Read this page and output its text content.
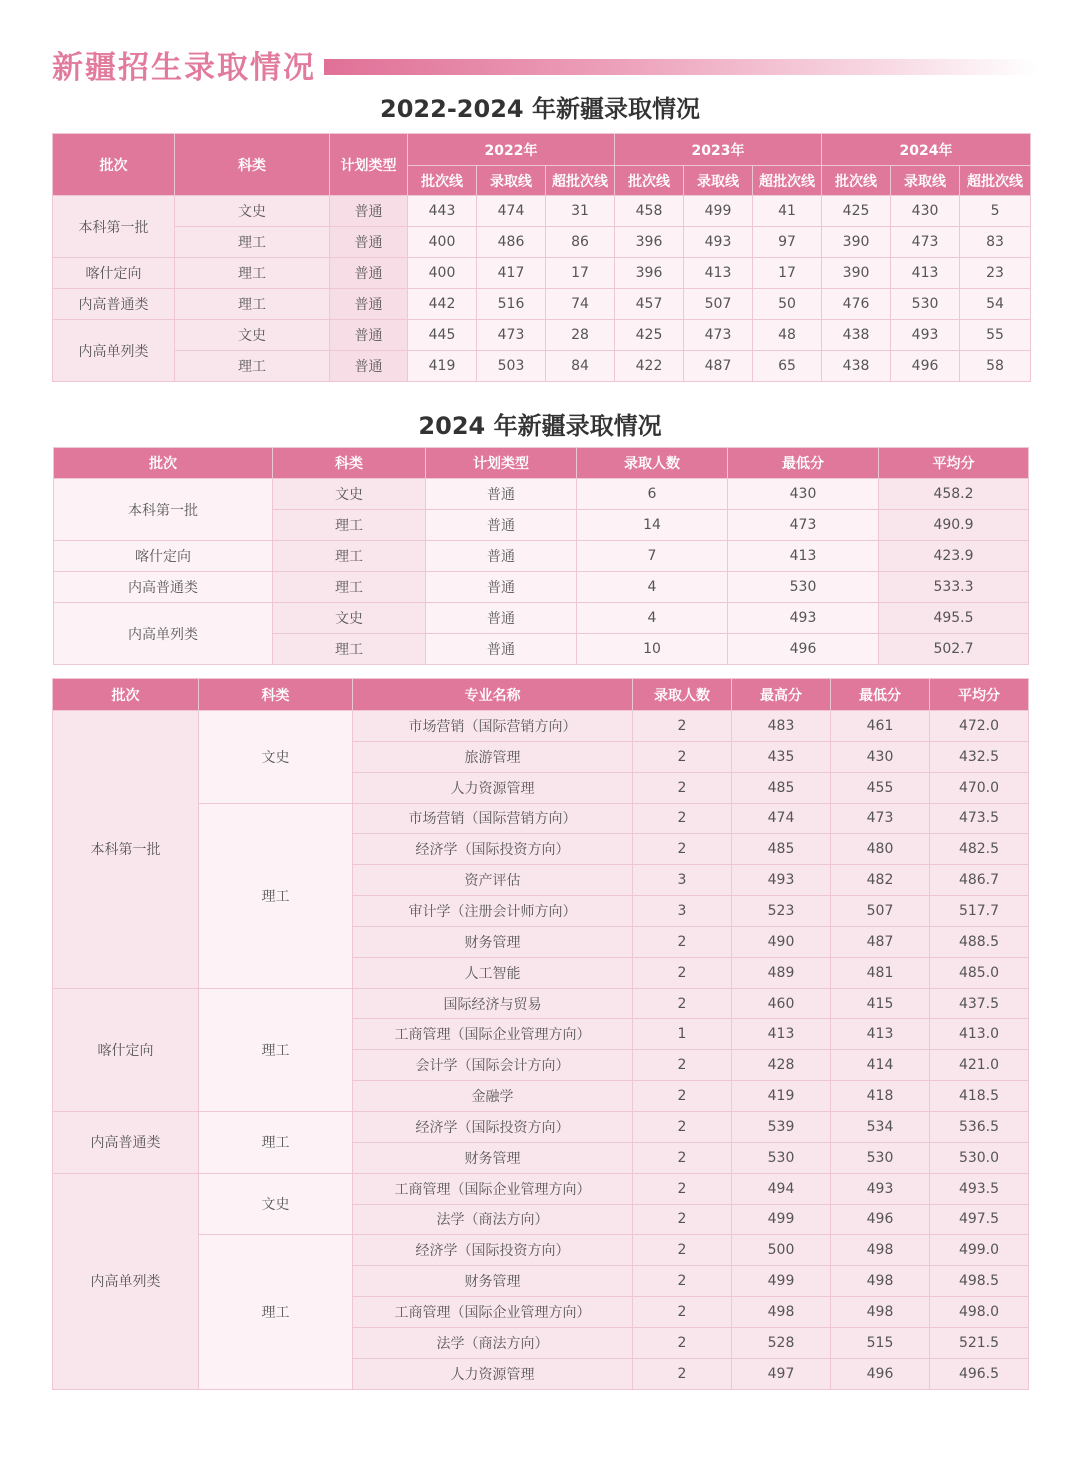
新疆招生录取情况
2022-2024 年新疆录取情况
批次	科类	计划类型	2022年			2023年			2024年		
			批次线	录取线	超批次线	批次线	录取线	超批次线	批次线	录取线	超批次线
本科第一批	文史	普通	443	474	31	458	499	41	425	430	5
	理工	普通	400	486	86	396	493	97	390	473	83
喀什定向	理工	普通	400	417	17	396	413	17	390	413	23
内高普通类	理工	普通	442	516	74	457	507	50	476	530	54
内高单列类	文史	普通	445	473	28	425	473	48	438	493	55
	理工	普通	419	503	84	422	487	65	438	496	58
2024 年新疆录取情况
批次	科类	计划类型	录取人数	最低分	平均分
本科第一批	文史	普通	6	430	458.2
	理工	普通	14	473	490.9
喀什定向	理工	普通	7	413	423.9
内高普通类	理工	普通	4	530	533.3
内高单列类	文史	普通	4	493	495.5
	理工	普通	10	496	502.7
批次	科类	专业名称	录取人数	最高分	最低分	平均分
本科第一批	文史	市场营销（国际营销方向）	2	483	461	472.0
		旅游管理	2	435	430	432.5
		人力资源管理	2	485	455	470.0
	理工	市场营销（国际营销方向）	2	474	473	473.5
		经济学（国际投资方向）	2	485	480	482.5
		资产评估	3	493	482	486.7
		审计学（注册会计师方向）	3	523	507	517.7
		财务管理	2	490	487	488.5
		人工智能	2	489	481	485.0
喀什定向	理工	国际经济与贸易	2	460	415	437.5
		工商管理（国际企业管理方向）	1	413	413	413.0
		会计学（国际会计方向）	2	428	414	421.0
		金融学	2	419	418	418.5
内高普通类	理工	经济学（国际投资方向）	2	539	534	536.5
		财务管理	2	530	530	530.0
内高单列类	文史	工商管理（国际企业管理方向）	2	494	493	493.5
		法学（商法方向）	2	499	496	497.5
	理工	经济学（国际投资方向）	2	500	498	499.0
		财务管理	2	499	498	498.5
		工商管理（国际企业管理方向）	2	498	498	498.0
		法学（商法方向）	2	528	515	521.5
		人力资源管理	2	497	496	496.5
